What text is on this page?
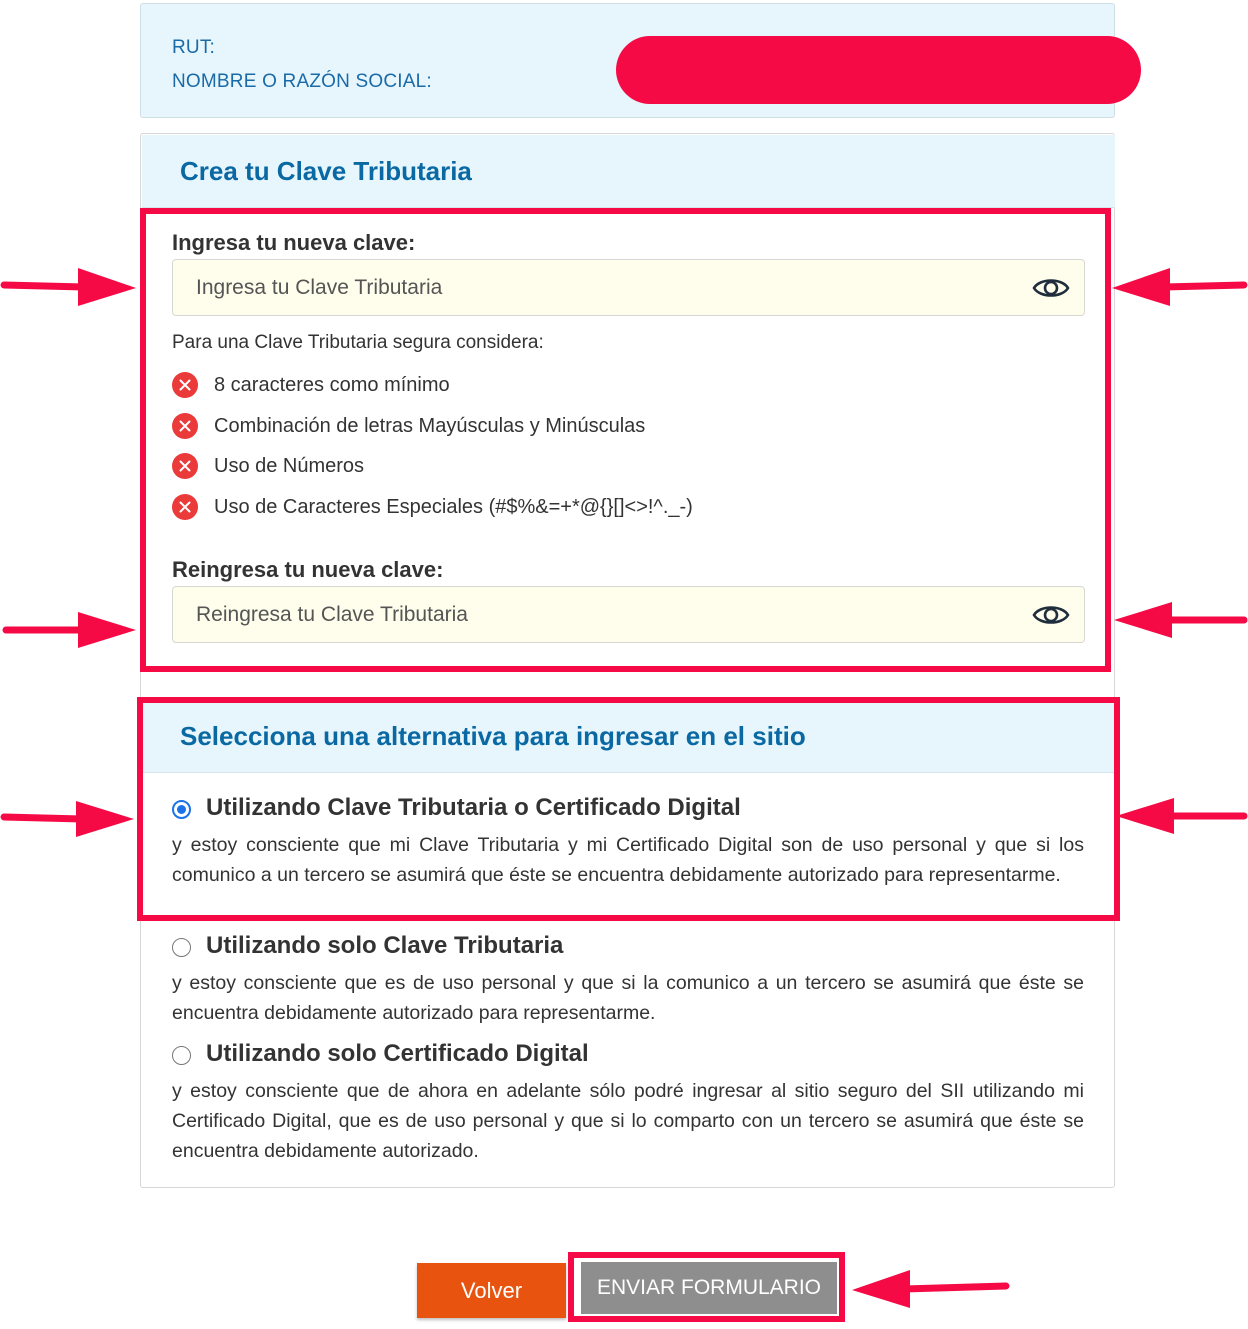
RUT:
NOMBRE O RAZÓN SOCIAL:
Crea tu Clave Tributaria
Ingresa tu nueva clave:
Ingresa tu Clave Tributaria
Para una Clave Tributaria segura considera:
8 caracteres como mínimo
Combinación de letras Mayúsculas y Minúsculas
Uso de Números
Uso de Caracteres Especiales (#$%&=+*@{}[]<>!^._-)
Reingresa tu nueva clave:
Reingresa tu Clave Tributaria
Selecciona una alternativa para ingresar en el sitio
Utilizando Clave Tributaria o Certificado Digital
y estoy consciente que mi Clave Tributaria y mi Certificado Digital son de uso personal y que si los comunico a un tercero se asumirá que éste se encuentra debidamente autorizado para representarme.
Utilizando solo Clave Tributaria
y estoy consciente que es de uso personal y que si la comunico a un tercero se asumirá que éste se encuentra debidamente autorizado para representarme.
Utilizando solo Certificado Digital
y estoy consciente que de ahora en adelante sólo podré ingresar al sitio seguro del SII utilizando mi Certificado Digital, que es de uso personal y que si lo comparto con un tercero se asumirá que éste se encuentra debidamente autorizado.
Volver	ENVIAR FORMULARIO
